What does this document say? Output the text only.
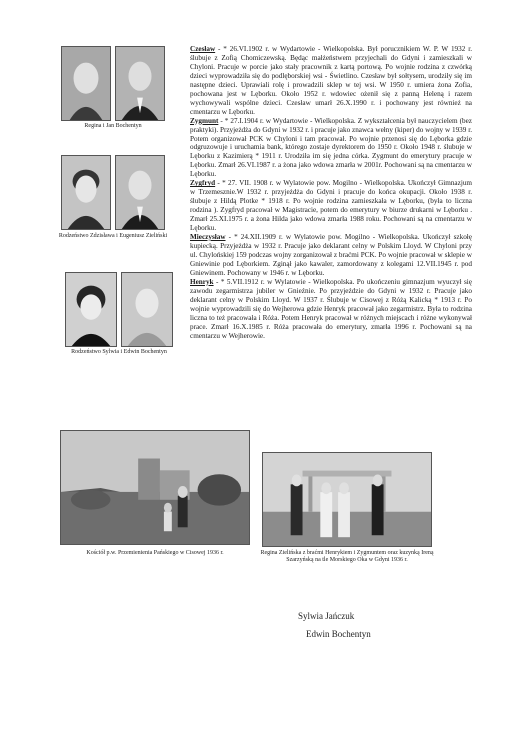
Regina i Jan Bochentyn
Rodzeństwo Zdzisława i Eugeniusz Zieliński
Rodzeństwo Sylwia i Edwin Bochentyn

Czesław - * 26.VI.1902 r. w Wydartowie - Wielkopolska. Był porucznikiem W. P. W 1932 r. ślubuje z Zofią Chomiczewską. Będąc małżeństwem przyjechali do Gdyni i zamieszkali w Chyloni. Pracuje w porcie jako stały pracownik z kartą portową. Po wojnie rodzina z czwórką dzieci wyprowadziła się do podlęborskiej wsi - Świetlino. Czesław był sołtysem, urodziły się im następne dzieci. Uprawiali rolę i prowadzili sklep w tej wsi. W 1950 r. umiera żona Zofia, pochowana jest w Lęborku. Około 1952 r. wdowiec ożenił się z panną Heleną i razem wychowywali wspólne dzieci. Czesław umarł 26.X.1990 r. i pochowany jest również na cmentarzu w Lęborku.

Zygmunt - * 27.I.1904 r. w Wydartowie - Wielkopolska. Z wykształcenia był nauczycielem (bez praktyki). Przyjeżdża do Gdyni w 1932 r. i pracuje jako znawca wełny (kiper) do wojny w 1939 r. Potem organizował PCK w Chyloni i tam pracował. Po wojnie przenosi się do Lęborka gdzie odgruzowuje i uruchamia bank, którego zostaje dyrektorem do 1950 r. Około 1948 r. ślubuje w Lęborku z Kazimierą * 1911 r. Urodziła im się jedna córka. Zygmunt do emerytury pracuje w Lęborku. Zmarł 26.VI.1987 r. a żona jako wdowa zmarła w 2001r. Pochowani są na cmentarzu w Lęborku.

Zygfryd - * 27. VII. 1908 r. w Wylatowie pow. Mogilno - Wielkopolska. Ukończył Gimnazjum w Trzemesznie.W 1932 r. przyjeżdża do Gdyni i pracuje do końca okupacji. Około 1938 r. ślubuje z Hildą Plotke * 1918 r. Po wojnie rodzina zamieszkała w Lęborku, (była to liczna rodzina ). Zygfryd pracował w Magistracie, potem do emerytury w biurze drukarni w Lęborku . Zmarł 25.XI.1975 r. a żona Hilda jako wdowa zmarła 1988 roku. Pochowani są na cmentarzu w Lęborku.

Mieczysław - * 24.XII.1909 r. w Wylatowie pow. Mogilno - Wielkopolska. Ukończył szkołę kupiecką. Przyjeżdża w 1932 r. Pracuje jako deklarant celny w Polskim Lloyd. W Chyloni przy ul. Chylońskiej 159 podczas wojny zorganizował z braćmi PCK. Po wojnie pracował w sklepie w Gniewinie pod Lęborkiem. Zginął jako kawaler, zamordowany z kolegami 12.VII.1945 r. pod Gniewinem. Pochowany w 1946 r. w Lęborku.

Henryk - * 5.VII.1912 r. w Wylatowie - Wielkopolska. Po ukończeniu gimnazjum wyuczył się zawodu zegarmistrza jubiler w Gnieźnie. Po przyjeździe do Gdyni w 1932 r. Pracuje jako deklarant celny w Polskim Lloyd. W 1937 r. Ślubuje w Cisowej z Różą Kalicką * 1913 r. Po wojnie wyprowadzili się do Wejherowa gdzie Henryk pracował jako zegarmistrz. Była to rodzina liczna to też pracowała i Róża. Potem Henryk pracował w różnych miejscach i różne wykonywał prace. Zmarł 16.X.1985 r. Róża pracowała do emerytury, zmarła 1996 r. Pochowani są na cmentarzu w Wejherowie.

Kościół p.w. Przemienienia Pańskiego w Cisowej 1936 r.	Regina Zielińska z braćmi Henrykiem i Zygmuntem oraz kuzynką Ireną Szarzyńską na tle Morskiego Oka w Gdyni 1936 r.
Sylwia Jańczuk
Edwin Bochentyn
